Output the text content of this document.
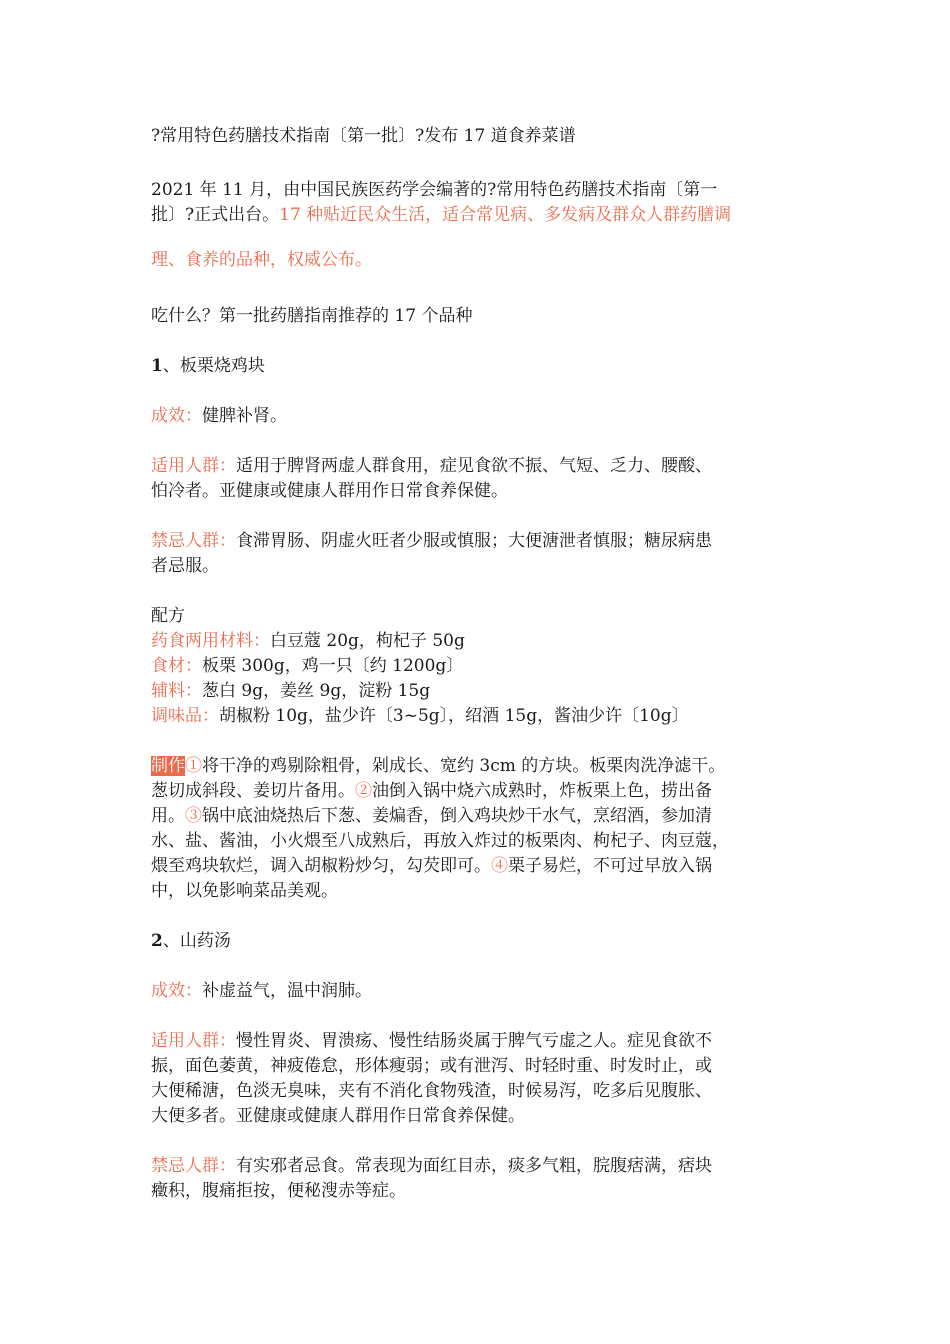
?常用特色药膳技术指南〔第一批〕?发布 17 道食养菜谱
2021 年 11 月，由中国民族医药学会编著的?常用特色药膳技术指南〔第一
批〕?正式出台。17 种贴近民众生活，适合常见病、多发病及群众人群药膳调
理、食养的品种，权威公布。
吃什么？第一批药膳指南推荐的 17 个品种
1、板栗烧鸡块
成效：健脾补肾。
适用人群：适用于脾肾两虚人群食用，症见食欲不振、气短、乏力、腰酸、
怕冷者。亚健康或健康人群用作日常食养保健。
禁忌人群：食滞胃肠、阴虚火旺者少服或慎服；大便溏泄者慎服；糖尿病患
者忌服。
配方
药食两用材料：白豆蔻 20g，枸杞子 50g
食材：板栗 300g，鸡一只〔约 1200g〕
辅料：葱白 9g，姜丝 9g，淀粉 15g
调味品：胡椒粉 10g，盐少许〔3~5g〕，绍酒 15g，酱油少许〔10g〕
制作①将干净的鸡剔除粗骨，剁成长、宽约 3cm 的方块。板栗肉洗净滤干。
葱切成斜段、姜切片备用。②油倒入锅中烧六成熟时，炸板栗上色，捞出备
用。③锅中底油烧热后下葱、姜煸香，倒入鸡块炒干水气，烹绍酒，参加清
水、盐、酱油，小火煨至八成熟后，再放入炸过的板栗肉、枸杞子、肉豆蔻，
煨至鸡块软烂，调入胡椒粉炒匀，勾芡即可。④栗子易烂，不可过早放入锅
中，以免影响菜品美观。
2、山药汤
成效：补虚益气，温中润肺。
适用人群：慢性胃炎、胃溃疡、慢性结肠炎属于脾气亏虚之人。症见食欲不
振，面色萎黄，神疲倦怠，形体瘦弱；或有泄泻、时轻时重、时发时止，或
大便稀溏，色淡无臭味，夹有不消化食物残渣，时候易泻，吃多后见腹胀、
大便多者。亚健康或健康人群用作日常食养保健。
禁忌人群：有实邪者忌食。常表现为面红目赤，痰多气粗，脘腹痞满，痞块
癥积，腹痛拒按，便秘溲赤等症。
